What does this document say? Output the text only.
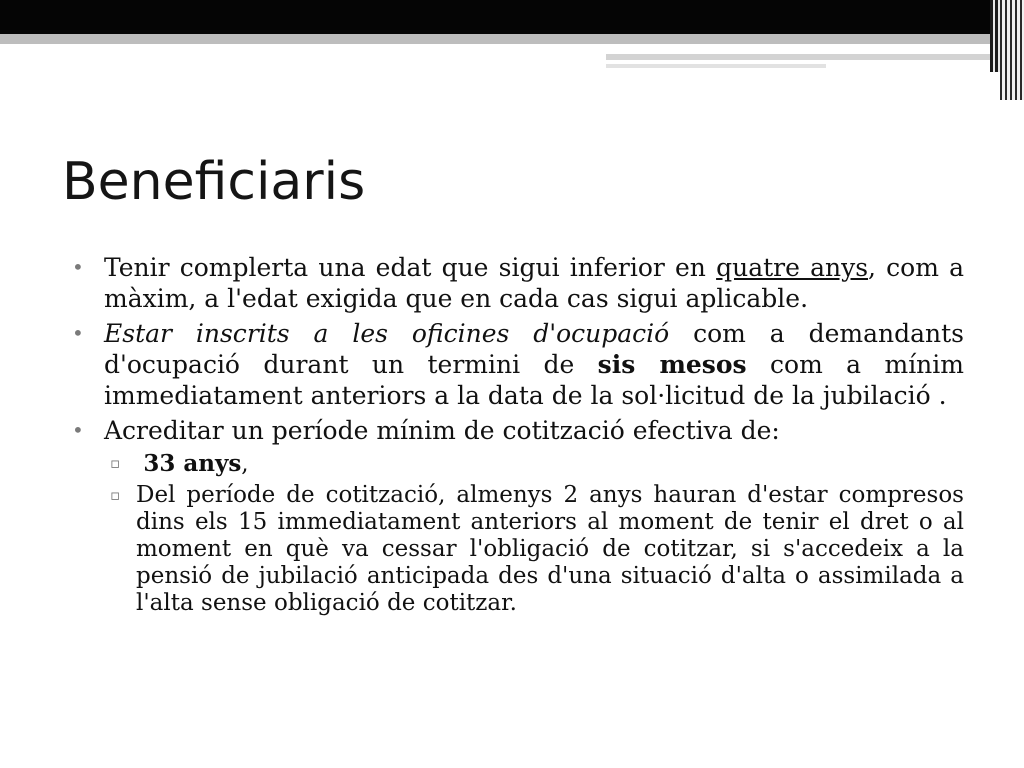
Beneficiaris

• Tenir complerta una edat que sigui inferior en quatre anys, com a màxim, a l'edat exigida que en cada cas sigui aplicable.

• Estar inscrits a les oficines d'ocupació com a demandants d'ocupació durant un termini de sis mesos com a mínim immediatament anteriors a la data de la sol·licitud de la jubilació .

• Acreditar un període mínim de cotització efectiva de:

▫ 33 anys,
▫ Del període de cotització, almenys 2 anys hauran d'estar compresos dins els 15 immediatament anteriors al moment de tenir el dret o al moment en què va cessar l'obligació de cotitzar, si s'accedeix a la pensió de jubilació anticipada des d'una situació d'alta o assimilada a l'alta sense obligació de cotitzar.
